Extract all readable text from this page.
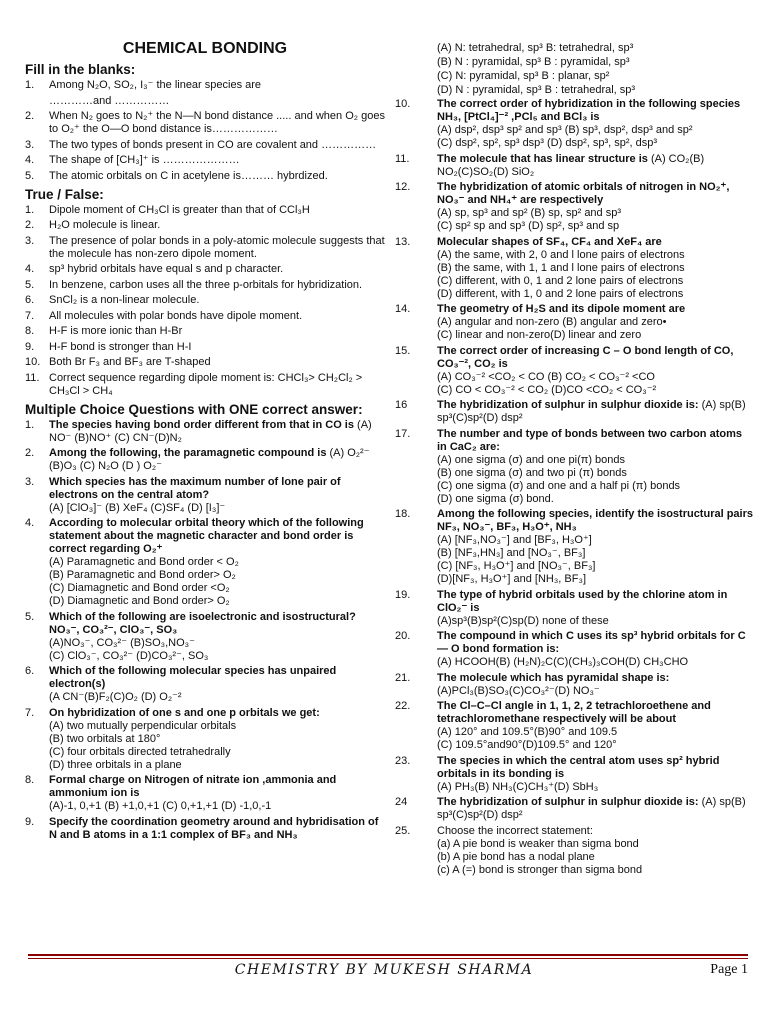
CHEMICAL BONDING
Fill in the blanks:
1.	Among N₂O, SO₂, I₃⁻ the linear species are
…………and ……………
2.	When N₂ goes to N₂⁺ the N—N bond distance ..... and when O₂ goes to O₂⁺ the O—O bond distance is………………
3.	The two types of bonds present in CO are covalent and ……………
4.	The shape of [CH₃]⁺ is …………………
5.	The atomic orbitals on C in acetylene is……… hybrdized.
True / False:
1.	Dipole moment of CH₃Cl is greater than that of CCl₃H
2.	H₂O molecule is linear.
3.	The presence of polar bonds in a poly-atomic molecule suggests that the molecule has non-zero dipole moment.
4.	sp³ hybrid orbitals have equal s and p character.
5.	In benzene, carbon uses all the three p-orbitals for hybridization.
6.	SnCl₂ is a non-linear molecule.
7.	All molecules with polar bonds have dipole moment.
8.	H-F is more ionic than H-Br
9.	H-F bond is stronger than H-I
10. Both Br F₃ and BF₃ are T-shaped
11. Correct sequence regarding dipole moment is: CHCl₃> CH₂Cl₂ > CH₃Cl > CH₄
Multiple Choice Questions with ONE correct answer:
1.	The species having bond order different from that in CO is (A) NO⁻ (B)NO⁺ (C) CN⁻(D)N₂
2.	Among the following, the paramagnetic compound is (A) O₂²⁻ (B)O₃ (C) N₂O (D ) O₂⁻
3.	Which species has the maximum number of lone pair of electrons on the central atom?
(A) [ClO₃]⁻ (B) XeF₄ (C)SF₄ (D) [I₃]⁻
4.	According to molecular orbital theory which of the following statement about the magnetic character and bond order is correct regarding O₂⁺
(A) Paramagnetic and Bond order < O₂
(B) Paramagnetic and Bond order> O₂
(C) Diamagnetic and Bond order <O₂
(D) Diamagnetic and Bond order> O₂
5.	Which of the following are isoelectronic and isostructural? NO₃⁻, CO₃²⁻, ClO₃⁻, SO₃
(A)NO₃⁻, CO₃²⁻ (B)SO₃,NO₃⁻
(C) ClO₃⁻, CO₃²⁻ (D)CO₃²⁻, SO₃
6.	Which of the following molecular species has unpaired electron(s)
(A CN⁻(B)F₂(C)O₂ (D) O₂⁻²
7.	On hybridization of one s and one p orbitals we get:
(A) two mutually perpendicular orbitals
(B) two orbitals at 180°
(C) four orbitals directed tetrahedrally
(D) three orbitals in a plane
8.	Formal charge on Nitrogen of nitrate ion ,ammonia and ammonium ion is
(A)-1, 0,+1 (B) +1,0,+1 (C) 0,+1,+1 (D) -1,0,-1
9.	Specify the coordination geometry around and hybridisation of N and B atoms in a 1:1 complex of BF₃ and NH₃
(A) N: tetrahedral, sp³ B: tetrahedral, sp³
(B) N : pyramidal, sp³ B : pyramidal, sp³
(C) N: pyramidal, sp³ B : planar, sp²
(D) N : pyramidal, sp³ B : tetrahedral, sp³
10.	The correct order of hybridization in the following species NH₃, [PtCl₄]⁻² ,PCl₅ and BCl₃ is
(A) dsp², dsp³ sp² and sp³ (B) sp³, dsp², dsp³ and sp²
(C) dsp², sp², sp³ dsp³ (D) dsp², sp³, sp², dsp³
11.	The molecule that has linear structure is (A) CO₂(B) NO₂(C)SO₂(D) SiO₂
12.	The hybridization of atomic orbitals of nitrogen in NO₂⁺, NO₃⁻ and NH₄⁺ are respectively
(A) sp, sp³ and sp² (B) sp, sp² and sp³
(C) sp² sp and sp³ (D) sp², sp³ and sp
13.	Molecular shapes of SF₄, CF₄ and XeF₄ are
(A) the same, with 2, 0 and l lone pairs of electrons
(B) the same, with 1, 1 and l lone pairs of electrons
(C) different, with 0, 1 and 2 lone pairs of electrons
(D) different, with 1, 0 and 2 lone pairs of electrons
14.	The geometry of H₂S and its dipole moment are
(A) angular and non-zero (B) angular and zero•
(C) linear and non-zero(D) linear and zero
15.	The correct order of increasing C – O bond length of CO, CO₃⁻², CO₂ is
(A) CO₃⁻² <CO₂ < CO (B) CO₂ < CO₃⁻² <CO
(C) CO < CO₃⁻² < CO₂ (D)CO <CO₂ < CO₃⁻²
16	The hybridization of sulphur in sulphur dioxide is: (A) sp(B) sp³(C)sp²(D) dsp²
17.	The number and type of bonds between two carbon atoms in CaC₂ are:
(A) one sigma (σ) and one pi(π) bonds
(B) one sigma (σ) and two pi (π) bonds
(C) one sigma (σ) and one and a half pi (π) bonds
(D) one sigma (σ) bond.
18.	Among the following species, identify the isostructural pairs NF₃, NO₃⁻, BF₃, H₃O⁺, NH₃
(A) [NF₃,NO₃⁻] and [BF₃, H₃O⁺]
(B) [NF₃,HN₃] and [NO₃⁻, BF₃]
(C) [NF₃, H₃O⁺] and [NO₃⁻, BF₃]
(D)[NF₃, H₃O⁺] and [NH₃, BF₃]
19.	The type of hybrid orbitals used by the chlorine atom in ClO₂⁻ is
(A)sp³(B)sp²(C)sp(D) none of these
20.	The compound in which C uses its sp³ hybrid orbitals for C — O bond formation is:
(A) HCOOH(B) (H₂N)₂C(C)(CH₃)₃COH(D) CH₃CHO
21.	The molecule which has pyramidal shape is: (A)PCl₃(B)SO₃(C)CO₃²⁻(D) NO₃⁻
22.	The Cl–C–Cl angle in 1, 1, 2, 2 tetrachloroethene and tetrachloromethane respectively will be about
(A) 120° and 109.5°(B)90° and 109.5
(C) 109.5°and90°(D)109.5° and 120°
23.	The species in which the central atom uses sp² hybrid orbitals in its bonding is
(A) PH₃(B) NH₃(C)CH₃⁺(D) SbH₃
24	The hybridization of sulphur in sulphur dioxide is: (A) sp(B) sp³(C)sp²(D) dsp²
25.	Choose the incorrect statement:
(a) A pie bond is weaker than sigma bond
(b) A pie bond has a nodal plane
(c) A (=) bond is stronger than sigma bond
CHEMISTRY BY MUKESH SHARMA	Page 1
